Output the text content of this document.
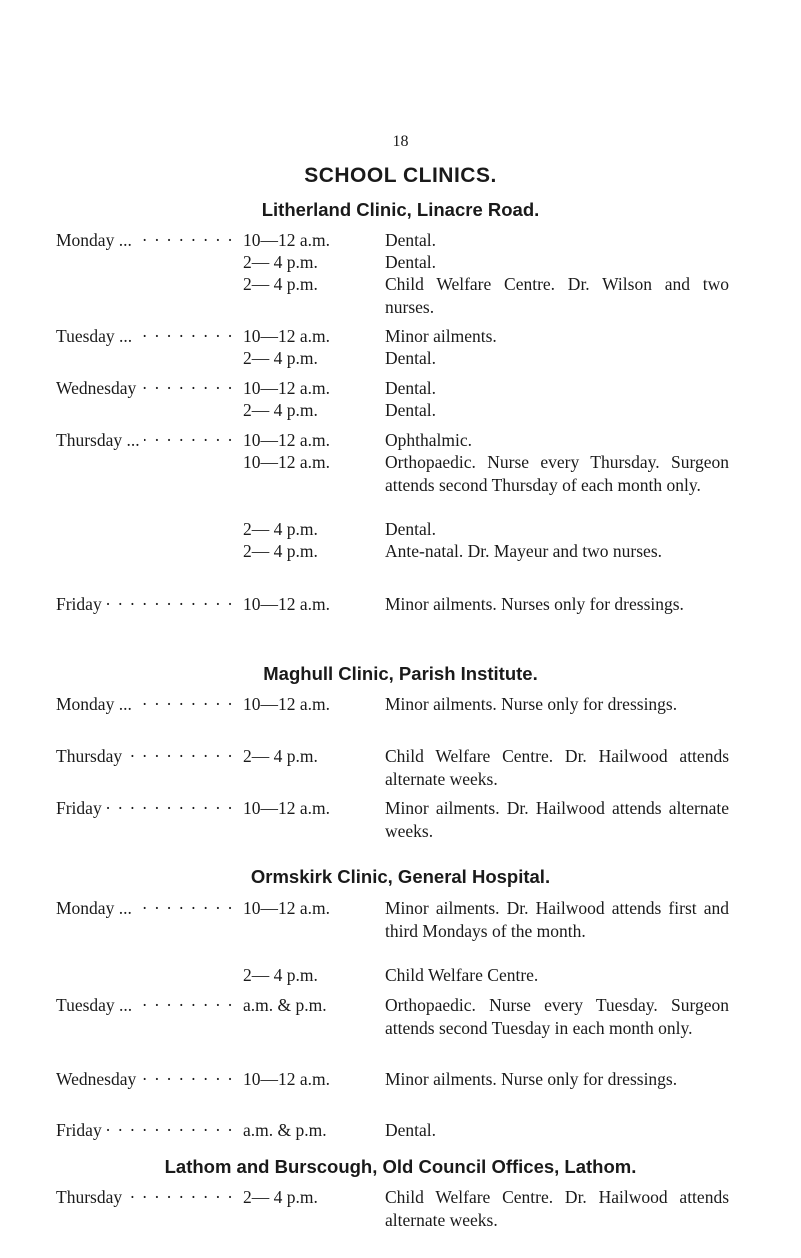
18
SCHOOL CLINICS.
Litherland Clinic, Linacre Road.
Monday ... · · ·	10—12 a.m.	Dental.
2— 4 p.m.	Dental.
2— 4 p.m.	Child Welfare Centre. Dr. Wilson and two nurses.
Tuesday ... · · ·	10—12 a.m.	Minor ailments.
2— 4 p.m.	Dental.
Wednesday · · ·	10—12 a.m.	Dental.
2— 4 p.m.	Dental.
Thursday ... · · ·	10—12 a.m.	Ophthalmic.
10—12 a.m.	Orthopaedic. Nurse every Thursday. Surgeon attends second Thursday of each month only.
2— 4 p.m.	Dental.
2— 4 p.m.	Ante-natal. Dr. Mayeur and two nurses.
Friday · · ·	10—12 a.m.	Minor ailments. Nurses only for dressings.
Maghull Clinic, Parish Institute.
Monday ... · · ·	10—12 a.m.	Minor ailments. Nurse only for dressings.
Thursday · · ·	2— 4 p.m.	Child Welfare Centre. Dr. Hailwood attends alternate weeks.
Friday · · ·	10—12 a.m.	Minor ailments. Dr. Hailwood attends alternate weeks.
Ormskirk Clinic, General Hospital.
Monday ... · · ·	10—12 a.m.	Minor ailments. Dr. Hailwood attends first and third Mondays of the month.
2— 4 p.m.	Child Welfare Centre.
Tuesday ... · · ·	a.m. & p.m.	Orthopaedic. Nurse every Tuesday. Surgeon attends second Tuesday in each month only.
Wednesday · · ·	10—12 a.m.	Minor ailments. Nurse only for dressings.
Friday · · ·	a.m. & p.m.	Dental.
Lathom and Burscough, Old Council Offices, Lathom.
Thursday · · ·	2— 4 p.m.	Child Welfare Centre. Dr. Hailwood attends alternate weeks.
